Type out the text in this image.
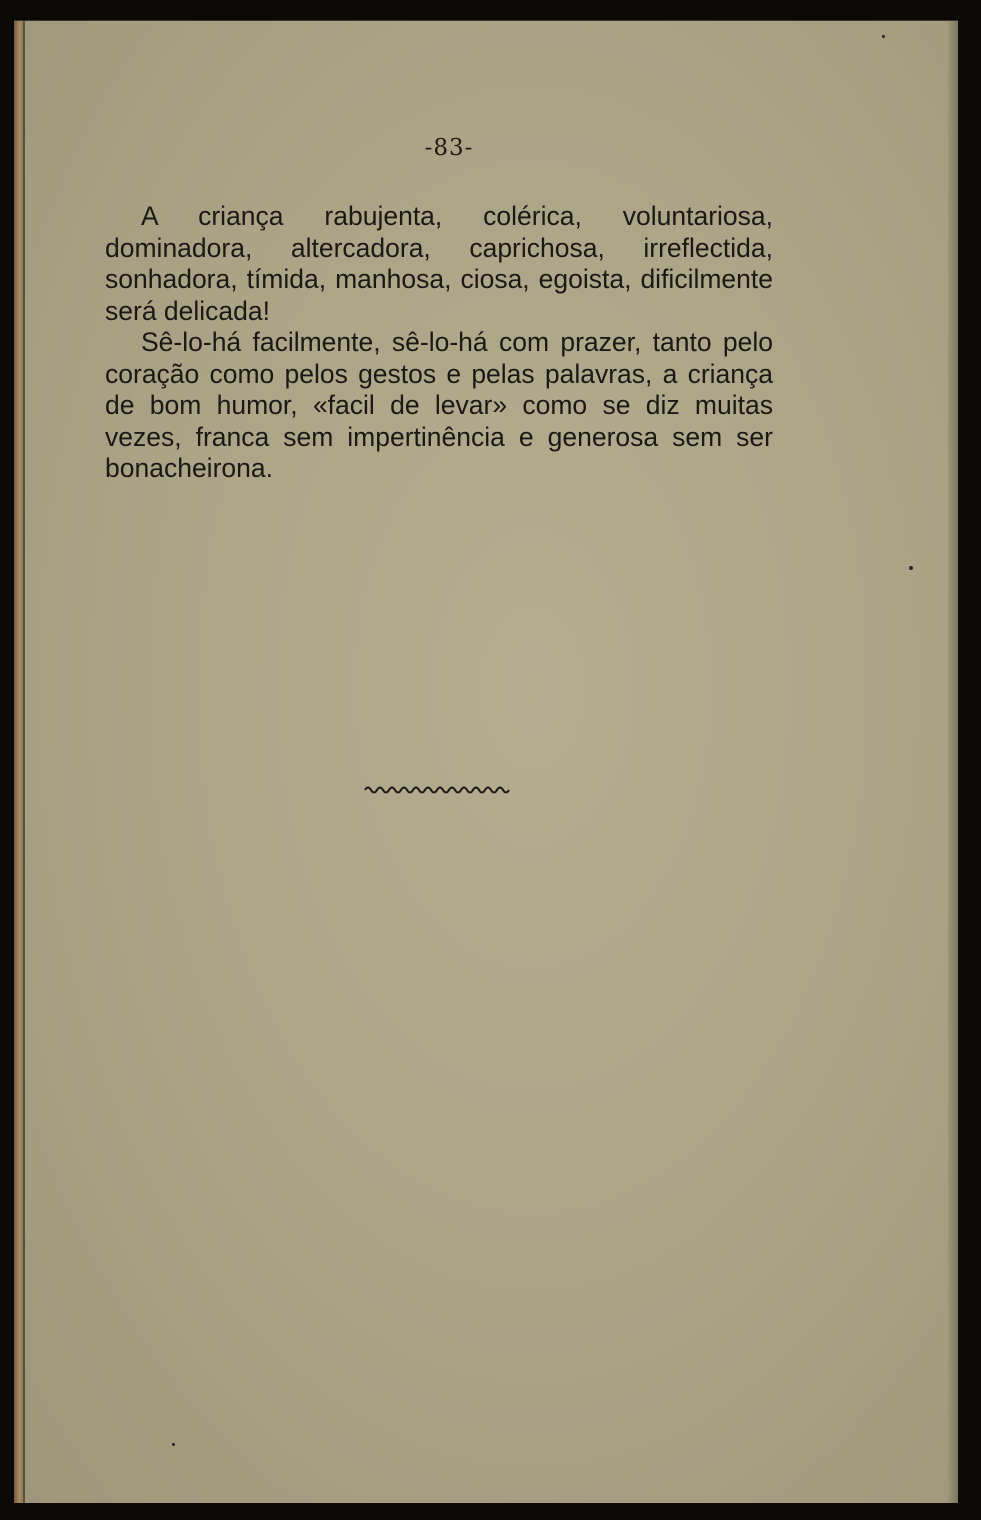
-83-

A criança rabujenta, colérica, voluntariosa, dominadora, altercadora, caprichosa, irreflectida, sonhadora, tímida, manhosa, ciosa, egoista, dificilmente será delicada!

Sê-lo-há facilmente, sê-lo-há com prazer, tanto pelo coração como pelos gestos e pelas palavras, a criança de bom humor, «facil de levar» como se diz muitas vezes, franca sem impertinência e generosa sem ser bonacheirona.
